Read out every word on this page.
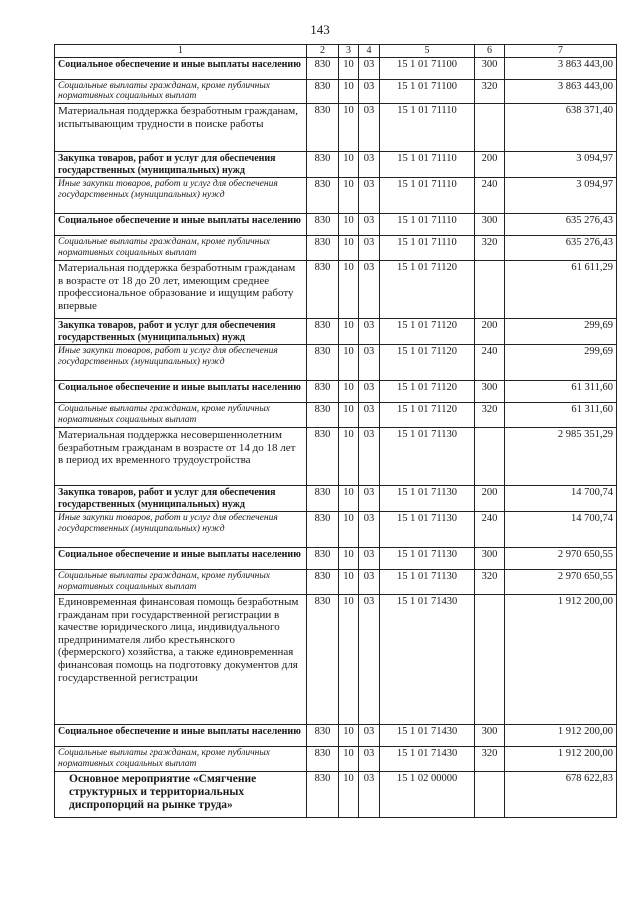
143
1	2	3	4	5	6	7
Социальное обеспечение и иные выплаты населению	830	10	03	15 1 01 71100	300	3 863 443,00
Социальные выплаты гражданам, кроме публичных нормативных социальных выплат	830	10	03	15 1 01 71100	320	3 863 443,00
Материальная поддержка безработным гражданам, испытывающим трудности в поиске работы	830	10	03	15 1 01 71110		638 371,40
Закупка товаров, работ и услуг для обеспечения государственных (муниципальных) нужд	830	10	03	15 1 01 71110	200	3 094,97
Иные закупки товаров, работ и услуг для обеспечения государственных (муниципальных) нужд	830	10	03	15 1 01 71110	240	3 094,97
Социальное обеспечение и иные выплаты населению	830	10	03	15 1 01 71110	300	635 276,43
Социальные выплаты гражданам, кроме публичных нормативных социальных выплат	830	10	03	15 1 01 71110	320	635 276,43
Материальная поддержка безработным гражданам в возрасте от 18 до 20 лет, имеющим среднее профессиональное образование и ищущим работу впервые	830	10	03	15 1 01 71120		61 611,29
Закупка товаров, работ и услуг для обеспечения государственных (муниципальных) нужд	830	10	03	15 1 01 71120	200	299,69
Иные закупки товаров, работ и услуг для обеспечения государственных (муниципальных) нужд	830	10	03	15 1 01 71120	240	299,69
Социальное обеспечение и иные выплаты населению	830	10	03	15 1 01 71120	300	61 311,60
Социальные выплаты гражданам, кроме публичных нормативных социальных выплат	830	10	03	15 1 01 71120	320	61 311,60
Материальная поддержка несовершеннолетним безработным гражданам в возрасте от 14 до 18 лет в период их временного трудоустройства	830	10	03	15 1 01 71130		2 985 351,29
Закупка товаров, работ и услуг для обеспечения государственных (муниципальных) нужд	830	10	03	15 1 01 71130	200	14 700,74
Иные закупки товаров, работ и услуг для обеспечения государственных (муниципальных) нужд	830	10	03	15 1 01 71130	240	14 700,74
Социальное обеспечение и иные выплаты населению	830	10	03	15 1 01 71130	300	2 970 650,55
Социальные выплаты гражданам, кроме публичных нормативных социальных выплат	830	10	03	15 1 01 71130	320	2 970 650,55
Единовременная финансовая помощь безработным гражданам при государственной регистрации в качестве юридического лица, индивидуального предпринимателя либо крестьянского (фермерского) хозяйства, а также единовременная финансовая помощь на подготовку документов для государственной регистрации	830	10	03	15 1 01 71430		1 912 200,00
Социальное обеспечение и иные выплаты населению	830	10	03	15 1 01 71430	300	1 912 200,00
Социальные выплаты гражданам, кроме публичных нормативных социальных выплат	830	10	03	15 1 01 71430	320	1 912 200,00
Основное мероприятие «Смягчение структурных и территориальных диспропорций на рынке труда»	830	10	03	15 1 02 00000		678 622,83
